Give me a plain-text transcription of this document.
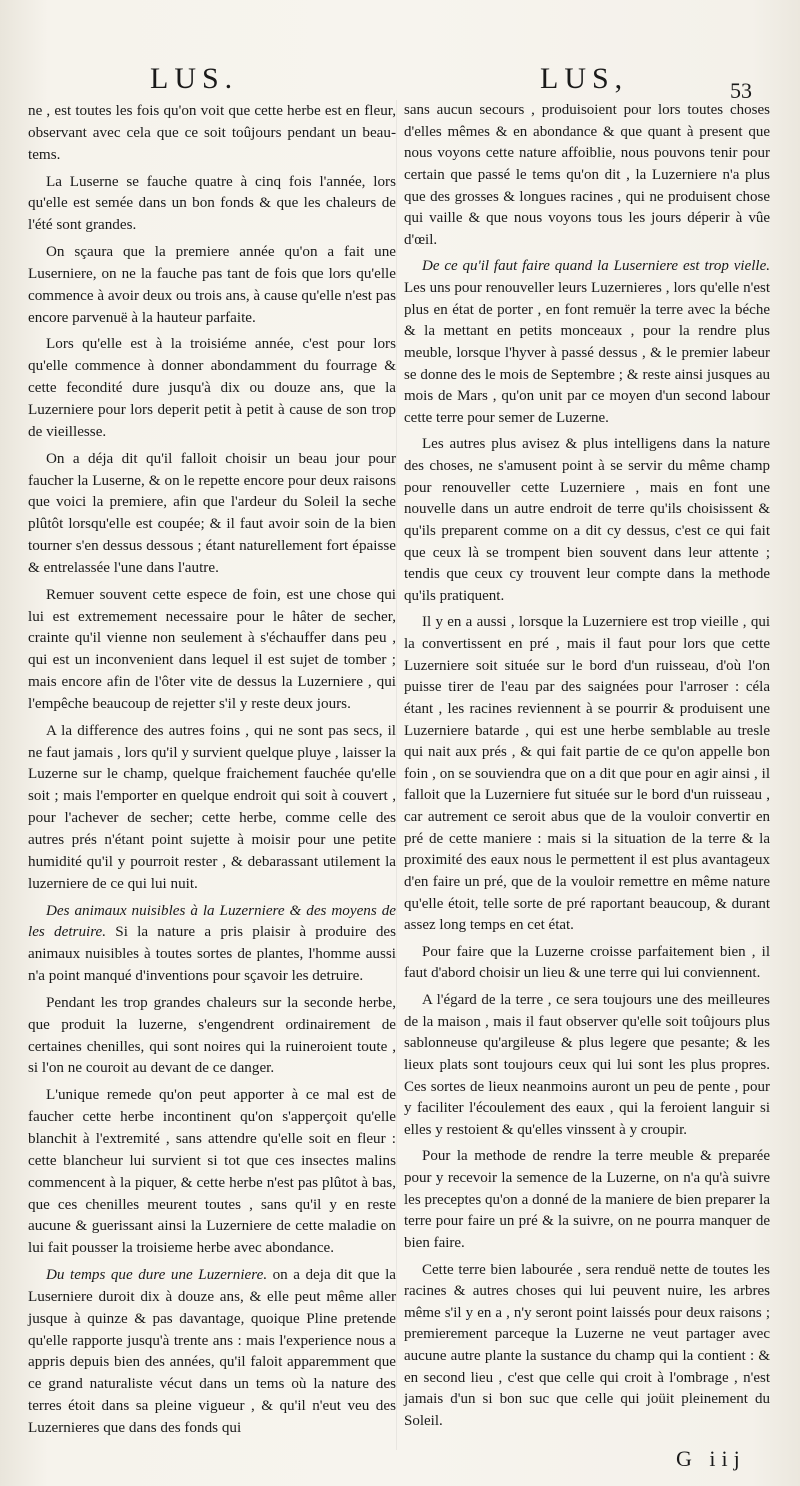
LUS.	LUS,	53

ne , est toutes les fois qu'on voit que cette herbe est en fleur, observant avec cela que ce soit toûjours pendant un beau-tems.

La Luserne se fauche quatre à cinq fois l'année, lors qu'elle est semée dans un bon fonds & que les chaleurs de l'été sont grandes.

On sçaura que la premiere année qu'on a fait une Luserniere, on ne la fauche pas tant de fois que lors qu'elle commence à avoir deux ou trois ans, à cause qu'elle n'est pas encore parvenuë à la hauteur parfaite.

Lors qu'elle est à la troisiéme année, c'est pour lors qu'elle commence à donner abondamment du fourrage & cette fecondité dure jusqu'à dix ou douze ans, que la Luzerniere pour lors deperit petit à petit à cause de son trop de vieillesse.

On a déja dit qu'il falloit choisir un beau jour pour faucher la Luserne, & on le repette encore pour deux raisons que voici la premiere, afin que l'ardeur du Soleil la seche plûtôt lorsqu'elle est coupée; & il faut avoir soin de la bien tourner s'en dessus dessous ; étant naturellement fort épaisse & entrelassée l'une dans l'autre.

Remuer souvent cette espece de foin, est une chose qui lui est extremement necessaire pour le hâter de secher, crainte qu'il vienne non seulement à s'échauffer dans peu , qui est un inconvenient dans lequel il est sujet de tomber ; mais encore afin de l'ôter vite de dessus la Luzerniere , qui l'empêche beaucoup de rejetter s'il y reste deux jours.

A la difference des autres foins , qui ne sont pas secs, il ne faut jamais , lors qu'il y survient quelque pluye , laisser la Luzerne sur le champ, quelque fraichement fauchée qu'elle soit ; mais l'emporter en quelque endroit qui soit à couvert , pour l'achever de secher; cette herbe, comme celle des autres prés n'étant point sujette à moisir pour une petite humidité qu'il y pourroit rester , & debarassant utilement la luzerniere de ce qui lui nuit.

Des animaux nuisibles à la Luzerniere & des moyens de les detruire. Si la nature a pris plaisir à produire des animaux nuisibles à toutes sortes de plantes, l'homme aussi n'a point manqué d'inventions pour sçavoir les detruire.

Pendant les trop grandes chaleurs sur la seconde herbe, que produit la luzerne, s'engendrent ordinairement de certaines chenilles, qui sont noires qui la ruineroient toute , si l'on ne couroit au devant de ce danger.

L'unique remede qu'on peut apporter à ce mal est de faucher cette herbe incontinent qu'on s'apperçoit qu'elle blanchit à l'extremité , sans attendre qu'elle soit en fleur : cette blancheur lui survient si tot que ces insectes malins commencent à la piquer, & cette herbe n'est pas plûtot à bas, que ces chenilles meurent toutes , sans qu'il y en reste aucune & guerissant ainsi la Luzerniere de cette maladie on lui fait pousser la troisieme herbe avec abondance.

Du temps que dure une Luzerniere. on a deja dit que la Luserniere duroit dix à douze ans, & elle peut même aller jusque à quinze & pas davantage, quoique Pline pretende qu'elle rapporte jusqu'à trente ans : mais l'experience nous a appris depuis bien des années, qu'il faloit apparemment que ce grand naturaliste vécut dans un tems où la nature des terres étoit dans sa pleine vigueur , & qu'il n'eut veu des Luzernieres que dans des fonds qui

sans aucun secours , produisoient pour lors toutes choses d'elles mêmes & en abondance & que quant à present que nous voyons cette nature affoiblie, nous pouvons tenir pour certain que passé le tems qu'on dit , la Luzerniere n'a plus que des grosses & longues racines , qui ne produisent chose qui vaille & que nous voyons tous les jours déperir à vûe d'œil.

De ce qu'il faut faire quand la Luserniere est trop vielle. Les uns pour renouveller leurs Luzernieres , lors qu'elle n'est plus en état de porter , en font remuër la terre avec la béche & la mettant en petits monceaux , pour la rendre plus meuble, lorsque l'hyver à passé dessus , & le premier labeur se donne des le mois de Septembre ; & reste ainsi jusques au mois de Mars , qu'on unit par ce moyen d'un second labour cette terre pour semer de Luzerne.

Les autres plus avisez & plus intelligens dans la nature des choses, ne s'amusent point à se servir du même champ pour renouveller cette Luzerniere , mais en font une nouvelle dans un autre endroit de terre qu'ils choisissent & qu'ils preparent comme on a dit cy dessus, c'est ce qui fait que ceux là se trompent bien souvent dans leur attente ; tendis que ceux cy trouvent leur compte dans la methode qu'ils pratiquent.

Il y en a aussi , lorsque la Luzerniere est trop vieille , qui la convertissent en pré , mais il faut pour lors que cette Luzerniere soit située sur le bord d'un ruisseau, d'où l'on puisse tirer de l'eau par des saignées pour l'arroser : céla étant , les racines reviennent à se pourrir & produisent une Luzerniere batarde , qui est une herbe semblable au tresle qui nait aux prés , & qui fait partie de ce qu'on appelle bon foin , on se souviendra que on a dit que pour en agir ainsi , il falloit que la Luzerniere fut située sur le bord d'un ruisseau , car autrement ce seroit abus que de la vouloir convertir en pré de cette maniere : mais si la situation de la terre & la proximité des eaux nous le permettent il est plus avantageux d'en faire un pré, que de la vouloir remettre en même nature qu'elle étoit, telle sorte de pré raportant beaucoup, & durant assez long temps en cet état.

Pour faire que la Luzerne croisse parfaitement bien , il faut d'abord choisir un lieu & une terre qui lui conviennent.

A l'égard de la terre , ce sera toujours une des meilleures de la maison , mais il faut observer qu'elle soit toûjours plus sablonneuse qu'argileuse & plus legere que pesante; & les lieux plats sont toujours ceux qui lui sont les plus propres. Ces sortes de lieux neanmoins auront un peu de pente , pour y faciliter l'écoulement des eaux , qui la feroient languir si elles y restoient & qu'elles vinssent à y croupir.

Pour la methode de rendre la terre meuble & preparée pour y recevoir la semence de la Luzerne, on n'a qu'à suivre les preceptes qu'on a donné de la maniere de bien preparer la terre pour faire un pré & la suivre, on ne pourra manquer de bien faire.

Cette terre bien labourée , sera renduë nette de toutes les racines & autres choses qui lui peuvent nuire, les arbres même s'il y en a , n'y seront point laissés pour deux raisons ; premierement parceque la Luzerne ne veut partager avec aucune autre plante la sustance du champ qui la contient : & en second lieu , c'est que celle qui croit à l'ombrage , n'est jamais d'un si bon suc que celle qui joüit pleinement du Soleil.

G iij
